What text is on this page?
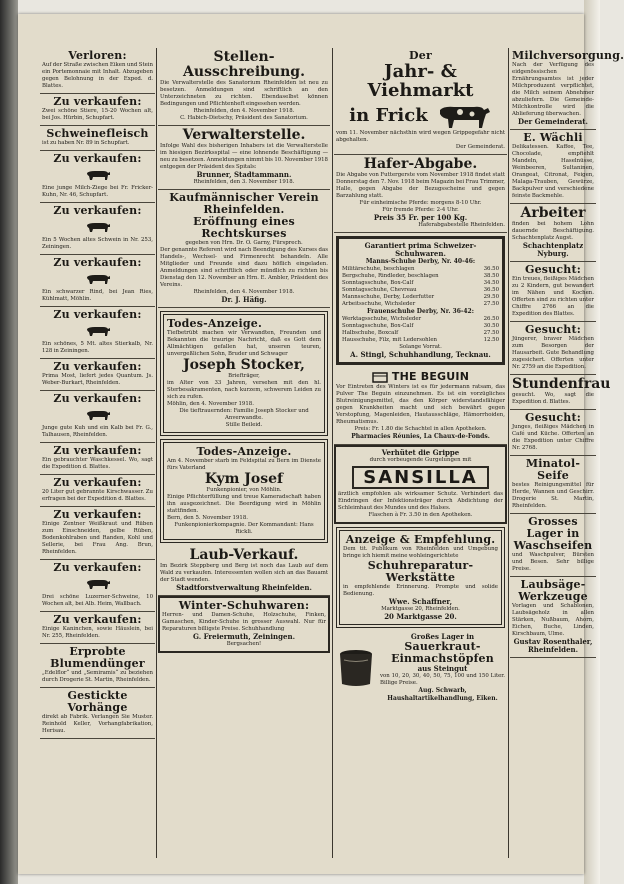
Verloren:
Auf der Straße zwischen Eiken und Stein ein Portemonnaie mit Inhalt. Abzugeben gegen Belohnung in der Exped. d. Blattes.
Zu verkaufen:
Zwei schöne Stiere, 15-20 Wochen alt, bei Jos. Hürbin, Schupfart.
Schweinefleisch
ist zu haben Nr. 89 in Schupfart.
Zu verkaufen:
Eine junge Milch-Ziege bei Fr. Fricker-Kuhn, Nr. 46, Schupfart.
Zu verkaufen:
Ein 5 Wochen altes Schwein in Nr. 253, Zeiningen.
Zu verkaufen:
Ein schwarzer Rind, bei Jean Ries, Kühlmatt, Möhlin.
Zu verkaufen:
Ein schönes, 5 Mt. altes Stierkalb, Nr. 128 in Zeiningen.
Zu verkaufen:
Prima Most, liefert jedes Quantum. Js. Weber-Burkart, Rheinfelden.
Zu verkaufen:
Junge gute Kuh und ein Kalb bei Fr. G., Talhausen, Rheinfelden.
Zu verkaufen:
Ein gebrauchter Waschkessel. Wo, sagt die Expedition d. Blattes.
Zu verkaufen:
20 Liter gut gebrannte Kirschwasser. Zu erfragen bei der Expedition d. Blattes.
Zu verkaufen:
Einige Zentner Weißkraut und Rüben zum Einschneiden, gelbe Rüben, Bodenkohlraben und Randen, Kohl und Sellerie, bei Frau Ang. Brun, Rheinfelden.
Zu verkaufen:
Drei schöne Luzerner-Schweine, 10 Wochen alt, bei Alb. Heim, Wallbach.
Zu verkaufen:
Einige Kaninchen, sowie Häuslein, bei Nr. 255, Rheinfelden.
Erprobte Blumendünger
„Edelflor“ und „Semiramis“ zu beziehen durch Drogerie St. Martin, Rheinfelden.
Gestickte Vorhänge
direkt ab Fabrik. Verlangen Sie Muster. Reinhold Keller, Vorhangfabrikation, Herisau.
Stellen-Ausschreibung.
Die Verwalterstelle des Sanatorium Rheinfelden ist neu zu besetzen. Anmeldungen sind schriftlich an den Unterzeichneten zu richten. Ebendaselbst können Bedingungen und Pflichtenheft eingesehen werden.
Rheinfelden, den 4. November 1918.
C. Habich-Dietschy, Präsident des Sanatorium.
Verwalterstelle.
Infolge Wahl des bisherigen Inhabers ist die Verwalterstelle im hiesigen Bezirksspital — eine lohnende Beschäftigung — neu zu besetzen. Anmeldungen nimmt bis 10. November 1918 entgegen der Präsident des Spitals:
Brunner, Stadtammann.
Rheinfelden, den 3. November 1918.
Kaufmännischer Verein Rheinfelden.
Eröffnung eines Rechtskurses
gegeben von Hrn. Dr. O. Garny, Fürsprech.
Der genannte Referent wird nach Beendigung des Kurses das Handels-, Wechsel- und Firmenrecht behandeln. Alle Mitglieder und Freunde sind dazu höflich eingeladen. Anmeldungen sind schriftlich oder mündlich zu richten bis Dienstag den 12. November an Hrn. E. Ambler, Präsident des Vereins.
Rheinfelden, den 4. November 1918.
Dr. J. Häfig.
Todes-Anzeige.
Tiefbetrübt machen wir Verwandten, Freunden und Bekannten die traurige Nachricht, daß es Gott dem Allmächtigen gefallen hat, unseren teuren, unvergeßlichen Sohn, Bruder und Schwager
Joseph Stocker,
Briefträger,
im Alter von 33 Jahren, versehen mit den hl. Sterbesakramenten, nach kurzem, schwerem Leiden zu sich zu rufen.
Möhlin, den 4. November 1918.
Die tieftrauernden: Familie Joseph Stocker und Anverwandte.
Stille Beileid.
Todes-Anzeige.
Am 4. November starb im Feldspital zu Bern im Dienste fürs Vaterland
Kym Josef
Funkenpionier, von Möhlin.
Einige Pflichterfüllung und treue Kameradschaft haben ihn ausgezeichnet. Die Beerdigung wird in Möhlin stattfinden.
Bern, den 5. November 1918.
Funkenpionierkompagnie. Der Kommandant: Hans Rickli.
Laub-Verkauf.
Im Bezirk Steppberg und Berg ist noch das Laub auf dem Wald zu verkaufen. Interessenten wollen sich an das Bauamt der Stadt wenden.
Stadtforstverwaltung Rheinfelden.
Winter-Schuhwaren:
Herren- und Damen-Schuhe, Holzschuhe, Finken, Gamaschen, Kinder-Schuhe in grosser Auswahl. Nur für Reparaturen billigste Preise. Schuhhandlung
G. Freiermuth, Zeiningen.
Bergsachen!
Der
Jahr- & Viehmarkt
in Frick
vom 11. November nächsthin wird wegen Grippegefahr nicht abgehalten.
Der Gemeinderat.
Hafer-Abgabe.
Die Abgabe von Futtergerste vom November 1918 findet statt Donnerstag den 7. Nov. 1918 beim Magazin bei Frau Trimmer, Halle, gegen Abgabe der Bezugsscheine und gegen Barzahlung statt.
Für einheimische Pferde: morgens 8-10 Uhr.
Für fremde Pferde: 2-4 Uhr.
Preis 35 Fr. per 100 Kg.
Haferabgabestelle Rheinfelden.
Garantiert prima Schweizer-Schuhwaren.
Manns-Schuhe Derby, Nr. 40-46:
Militärschuhe, beschlagen	36.50
Bergschuhe, Rindleder, beschlagen	38.50
Sonntagsschuhe, Box-Calf	34.50
Sonntagsschuhe, Chevreau	36.50
Mannsschuhe, Derby, Lederfutter	29.50
Arbeitsschuhe, Wichsleder	27.50
Frauenschuhe Derby, Nr. 36-42:
Werktagsschuhe, Wichsleder	26.50
Sonntagsschuhe, Box-Calf	30.50
Halbschuhe, Boxcalf	27.50
Hausschuhe, Filz, mit Ledersohlen	12.50
Solange Vorrat.
A. Stingl, Schuhhandlung, Tecknau.
THE BEGUIN
Vor Eintreten des Winters ist es für jedermann ratsam, das Pulver The Beguin einzunehmen. Es ist ein vorzügliches Blutreinigungsmittel, das den Körper widerstandsfähiger gegen Krankheiten macht und sich bewährt gegen Verstopfung, Magenleiden, Hautausschläge, Hämorrhoiden, Rheumatismus.
Preis: Fr. 1.80 die Schachtel in allen Apotheken.
Pharmacies Réunies, La Chaux-de-Fonds.
Verhütet die Grippe
durch vorbeugende Gurgelungen mit
SANSILLA
ärztlich empfohlen als wirksamer Schutz. Verhindert das Eindringen der Infektionsträger durch Abdichtung der Schleimhaut des Mundes und des Halses.
Flaschen à Fr. 3.50 in den Apotheken.
Anzeige & Empfehlung.
Dem tit. Publikum von Rheinfelden und Umgebung bringe ich hiemit meine wohleingerichtete
Schuhreparatur-Werkstätte
in empfehlende Erinnerung. Prompte und solide Bedienung.
Wwe. Schaffner,
Marktgasse 20, Rheinfelden.
20 Marktgasse 20.
Großes Lager in
Sauerkraut- Einmachstöpfen
aus Steingut
von 10, 20, 30, 40, 50, 75, 100 und 150 Liter. Billige Preise.
Aug. Schwarb, Haushaltartikelhandlung, Eiken.
Milchversorgung.
Nach der Verfügung des eidgenössischen Ernährungsamtes ist jeder Milchproduzent verpflichtet, die Milch seinem Abnehmer abzuliefern. Die Gemeinde-Milchkontrolle wird die Ablieferung überwachen.
Der Gemeinderat.
E. Wächli
Delikatessen. Kaffee, Tee, Chocolade, empfiehlt Mandeln, Haselnüsse, Weinbeeren, Sultaninen, Orangeat, Citronat, Feigen, Malaga-Trauben, Gewürze, Backpulver und verschiedene feinste Backmehle.
Arbeiter
finden bei hohem Lohn dauernde Beschäftigung. Schachtenplatz Augst.
Schachtenplatz Nyburg.
Gesucht:
Ein treues, fleißiges Mädchen zu 2 Kindern, gut bewandert im Nähen und Kochen. Offerten sind zu richten unter Chiffre 2766 an die Expedition des Blattes.
Gesucht:
Jüngerer, braver Mädchen zum Besorgen der Hausarbeit. Gute Behandlung zugesichert. Offerten unter Nr. 2759 an die Expedition.
Stundenfrau
gesucht. Wo, sagt die Expedition d. Blattes.
Gesucht:
Junges, fleißiges Mädchen in Café und Küche. Offerten an die Expedition unter Chiffre Nr. 2768.
Minatol-Seife
bestes Reinigungsmittel für Herde, Wannen und Geschirr. Drogerie St. Martin, Rheinfelden.
Grosses Lager in
Waschseifen
und Waschpulver, Bürsten und Besen. Sehr billige Preise.
Laubsäge-Werkzeuge
Vorlagen und Schablonen, Laubsägeholz in allen Stärken, Nußbaum, Ahorn, Eichen, Buche, Linden, Kirschbaum, Ulme.
Gustav Rosenthaler, Rheinfelden.
